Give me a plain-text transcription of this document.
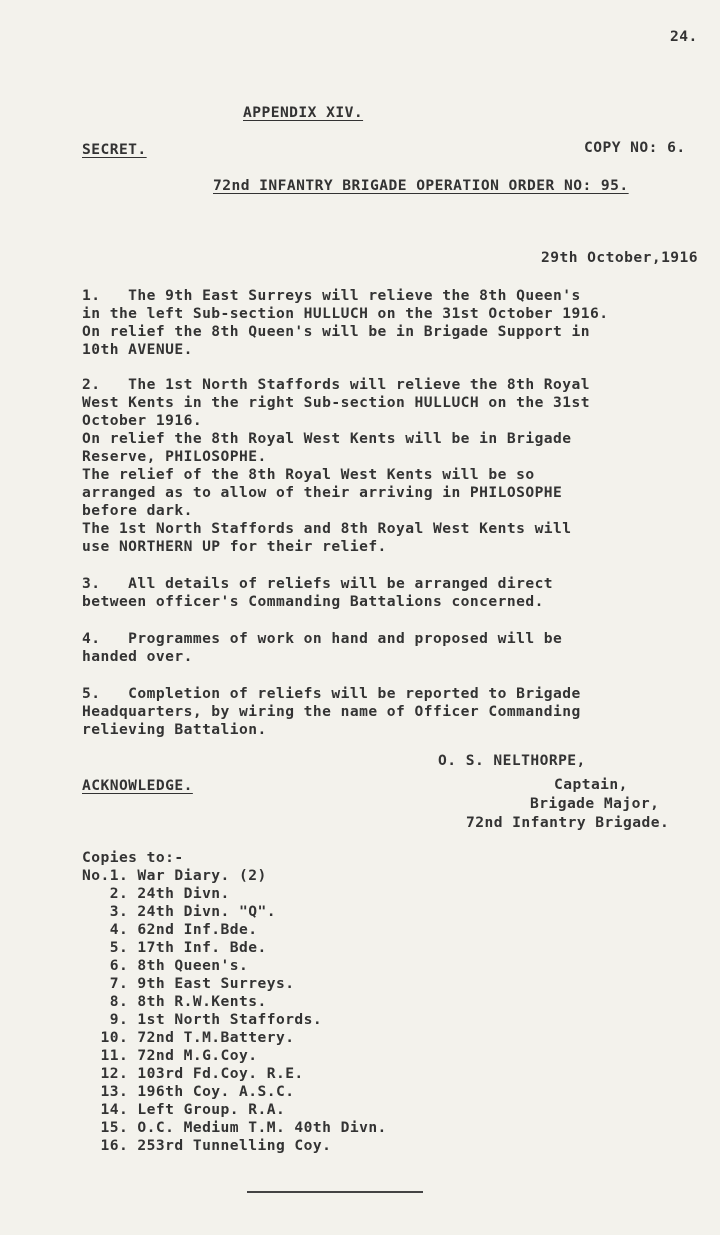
24.
APPENDIX XIV.
SECRET.	COPY NO: 6.
72nd INFANTRY BRIGADE OPERATION ORDER NO: 95.
29th October,1916
1.   The 9th East Surreys will relieve the 8th Queen's
in the left Sub-section HULLUCH on the 31st October 1916.
On relief the 8th Queen's will be in Brigade Support in
10th AVENUE.
2.   The 1st North Staffords will relieve the 8th Royal
West Kents in the right Sub-section HULLUCH on the 31st
October 1916.
On relief the 8th Royal West Kents will be in Brigade
Reserve, PHILOSOPHE.
The relief of the 8th Royal West Kents will be so
arranged as to allow of their arriving in PHILOSOPHE
before dark.
The 1st North Staffords and 8th Royal West Kents will
use NORTHERN UP for their relief.
3.   All details of reliefs will be arranged direct
between officer's Commanding Battalions concerned.
4.   Programmes of work on hand and proposed will be
handed over.
5.   Completion of reliefs will be reported to Brigade
Headquarters, by wiring the name of Officer Commanding
relieving Battalion.
O. S. NELTHORPE,
Captain,
Brigade Major,
72nd Infantry Brigade.
ACKNOWLEDGE.
Copies to:-
No.1. War Diary. (2)
2. 24th Divn.
3. 24th Divn. "Q".
4. 62nd Inf.Bde.
5. 17th Inf. Bde.
6. 8th Queen's.
7. 9th East Surreys.
8. 8th R.W.Kents.
9. 1st North Staffords.
10. 72nd T.M.Battery.
11. 72nd M.G.Coy.
12. 103rd Fd.Coy. R.E.
13. 196th Coy. A.S.C.
14. Left Group. R.A.
15. O.C. Medium T.M. 40th Divn.
16. 253rd Tunnelling Coy.
